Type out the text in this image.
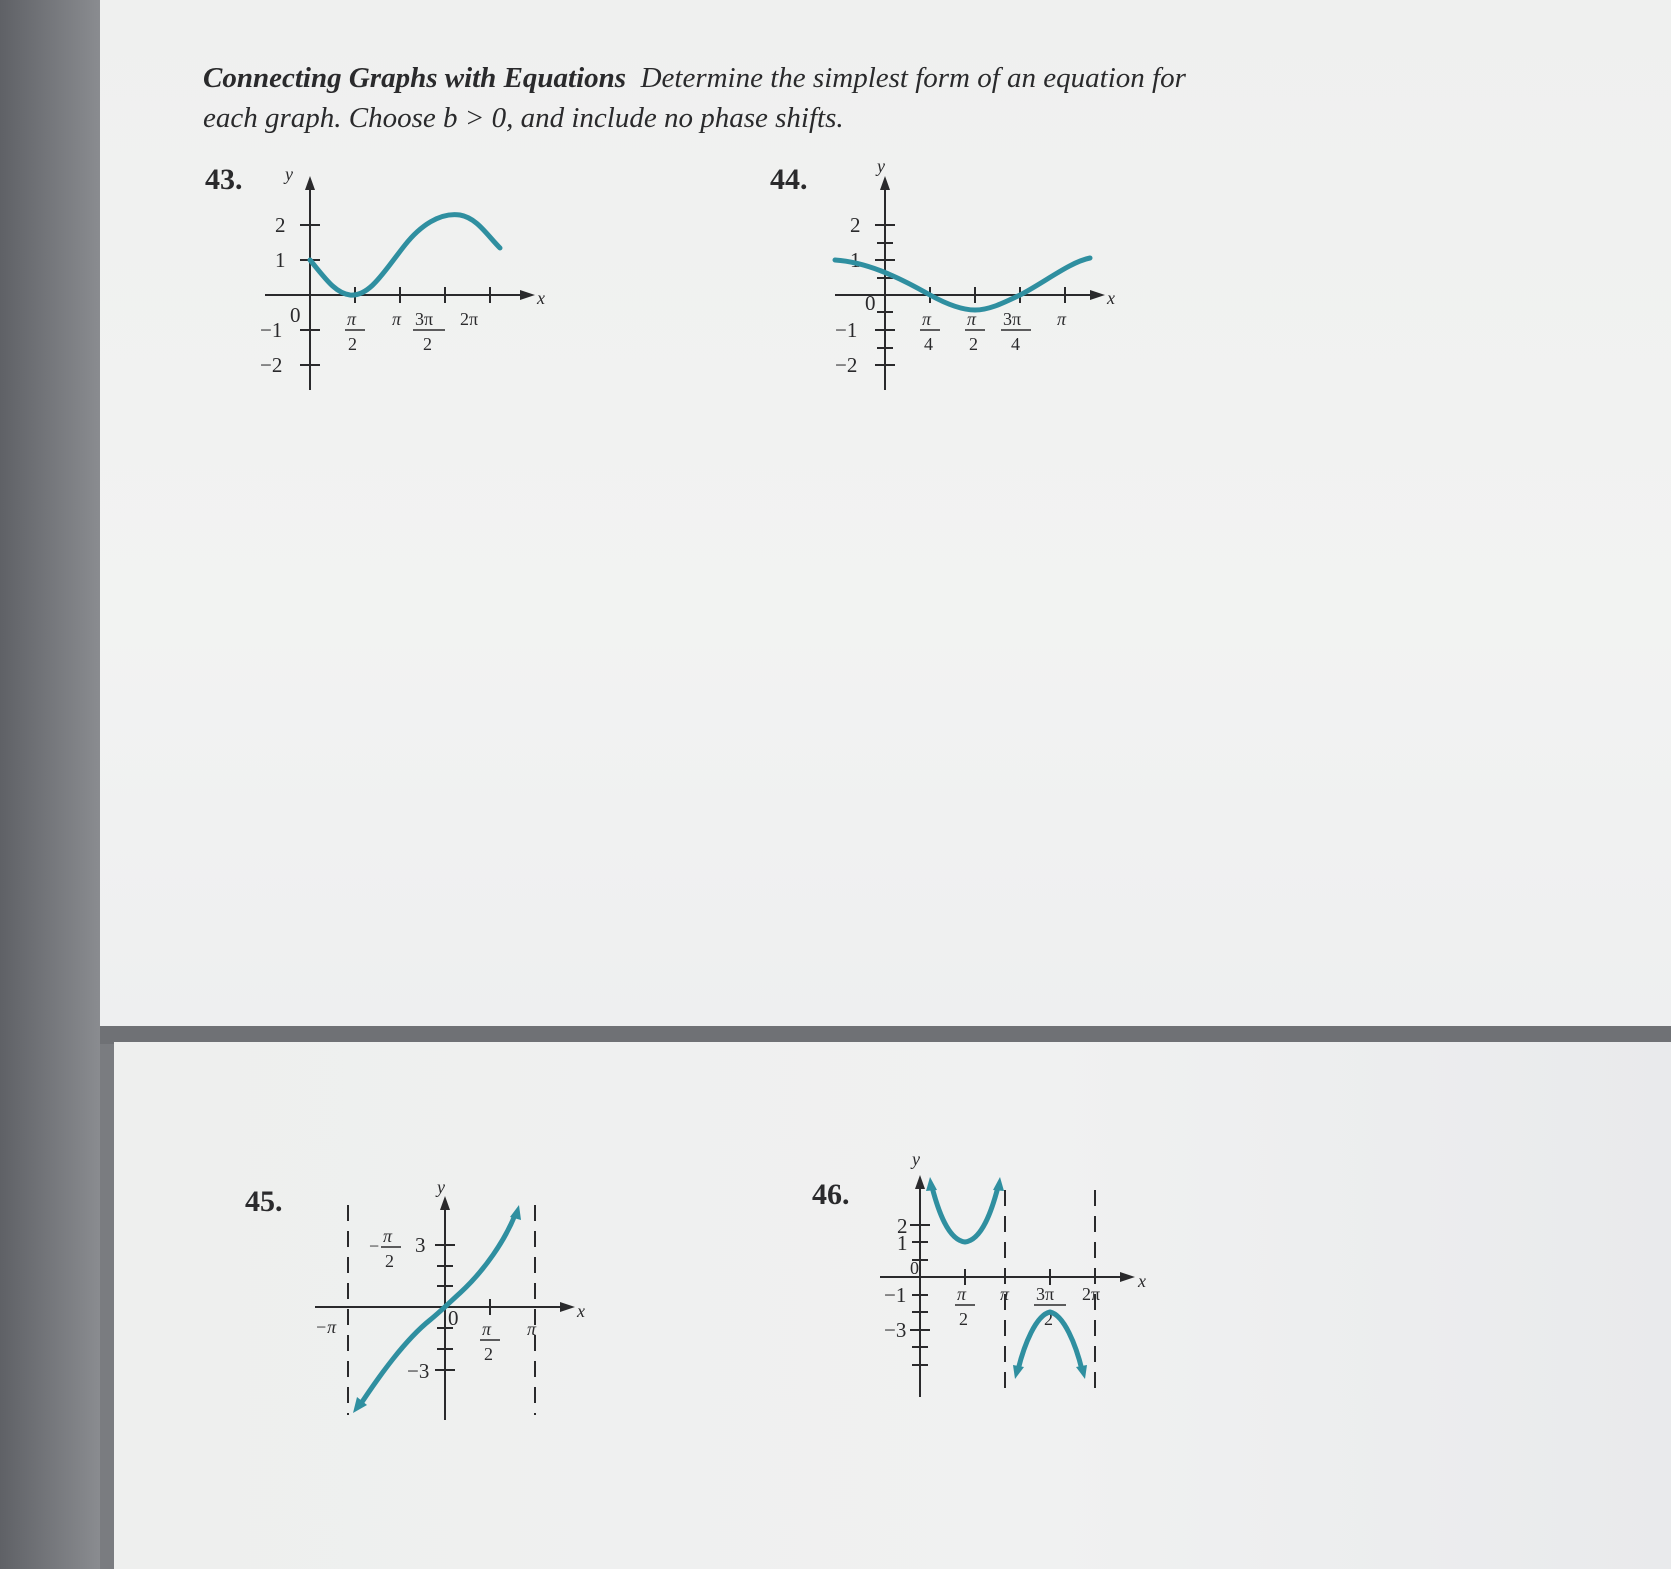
Connecting Graphs with Equations Determine the simplest form of an equation for
each graph. Choose b > 0, and include no phase shifts.
43. y
x
2
1
0
−1
−2
π
2
π 3π
2
2π
44.	y
x
2
1
0
−1
−2
π
4
π
2
3π
4
π
45.	y
x
3
0
−3
− π
2
−π	π
2
π
46.
y
x
2
1
0
−1
−3
π
2
π 3π
2
2π
